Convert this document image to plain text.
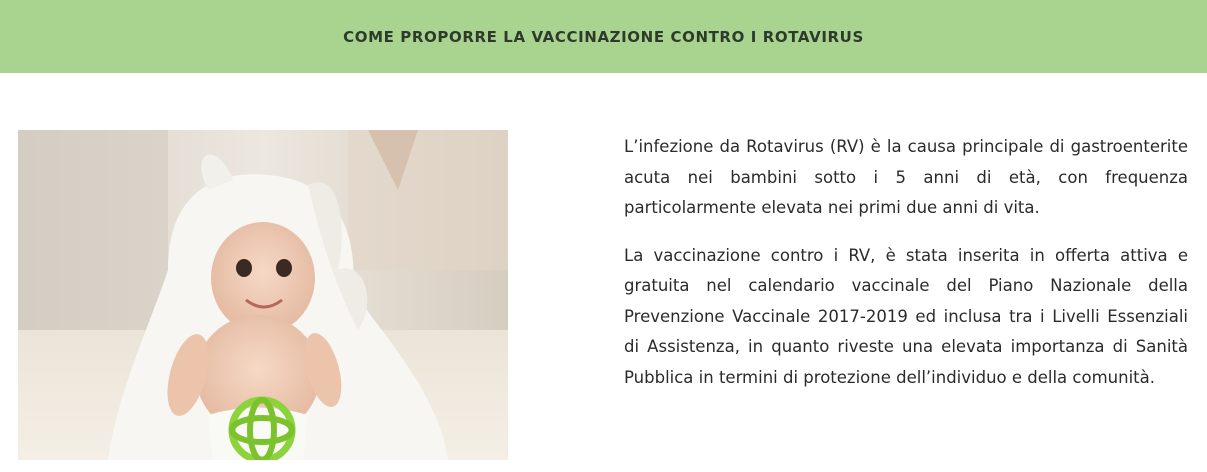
COME PROPORRE LA VACCINAZIONE CONTRO I ROTAVIRUS

L’infezione da Rotavirus (RV) è la causa principale di gastroenterite acuta nei bambini sotto i 5 anni di età, con frequenza particolarmente elevata nei primi due anni di vita.

La vaccinazione contro i RV, è stata inserita in offerta attiva e gratuita nel calendario vaccinale del Piano Nazionale della Prevenzione Vaccinale 2017-2019 ed inclusa tra i Livelli Essenziali di Assistenza, in quanto riveste una elevata importanza di Sanità Pubblica in termini di protezione dell’individuo e della comunità.
